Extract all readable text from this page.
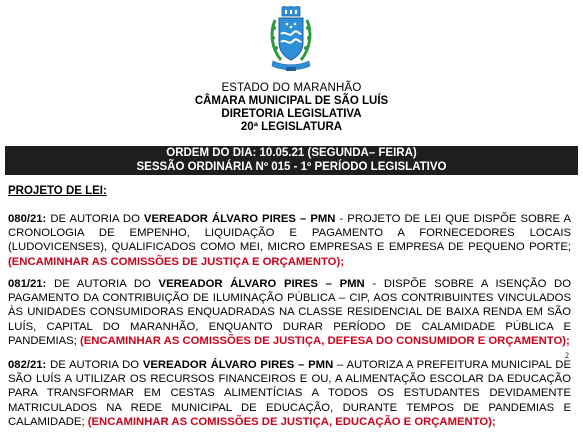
ESTADO DO MARANHÃO
CÂMARA MUNICIPAL DE SÃO LUÍS
DIRETORIA LEGISLATIVA
20ª LEGISLATURA
ORDEM DO DIA: 10.05.21 (SEGUNDA– FEIRA)
SESSÃO ORDINÁRIA Nº 015 - 1º PERÍODO LEGISLATIVO
PROJETO DE LEI:
080/21: DE AUTORIA DO VEREADOR ÁLVARO PIRES – PMN - PROJETO DE LEI QUE DISPÕE SOBRE A CRONOLOGIA DE EMPENHO, LIQUIDAÇÃO E PAGAMENTO A FORNECEDORES LOCAIS (LUDOVICENSES), QUALIFICADOS COMO MEI, MICRO EMPRESAS E EMPRESA DE PEQUENO PORTE; (ENCAMINHAR AS COMISSÕES DE JUSTIÇA E ORÇAMENTO);
081/21: DE AUTORIA DO VEREADOR ÁLVARO PIRES – PMN - DISPÕE SOBRE A ISENÇÃO DO PAGAMENTO DA CONTRIBUIÇÃO DE ILUMINAÇÃO PÚBLICA – CIP, AOS CONTRIBUINTES VINCULADOS ÀS UNIDADES CONSUMIDORAS ENQUADRADAS NA CLASSE RESIDENCIAL DE BAIXA RENDA EM SÃO LUÍS, CAPITAL DO MARANHÃO, ENQUANTO DURAR PERÍODO DE CALAMIDADE PÚBLICA E PANDEMIAS; (ENCAMINHAR AS COMISSÕES DE JUSTIÇA, DEFESA DO CONSUMIDOR E ORÇAMENTO);
2
082/21: DE AUTORIA DO VEREADOR ÁLVARO PIRES – PMN – AUTORIZA A PREFEITURA MUNICIPAL DE SÃO LUÍS A UTILIZAR OS RECURSOS FINANCEIROS E OU, A ALIMENTAÇÃO ESCOLAR DA EDUCAÇÃO PARA TRANSFORMAR EM CESTAS ALIMENTÍCIAS A TODOS OS ESTUDANTES DEVIDAMENTE MATRICULADOS NA REDE MUNICIPAL DE EDUCAÇÃO, DURANTE TEMPOS DE PANDEMIAS E CALAMIDADE; (ENCAMINHAR AS COMISSÕES DE JUSTIÇA, EDUCAÇÃO E ORÇAMENTO);
